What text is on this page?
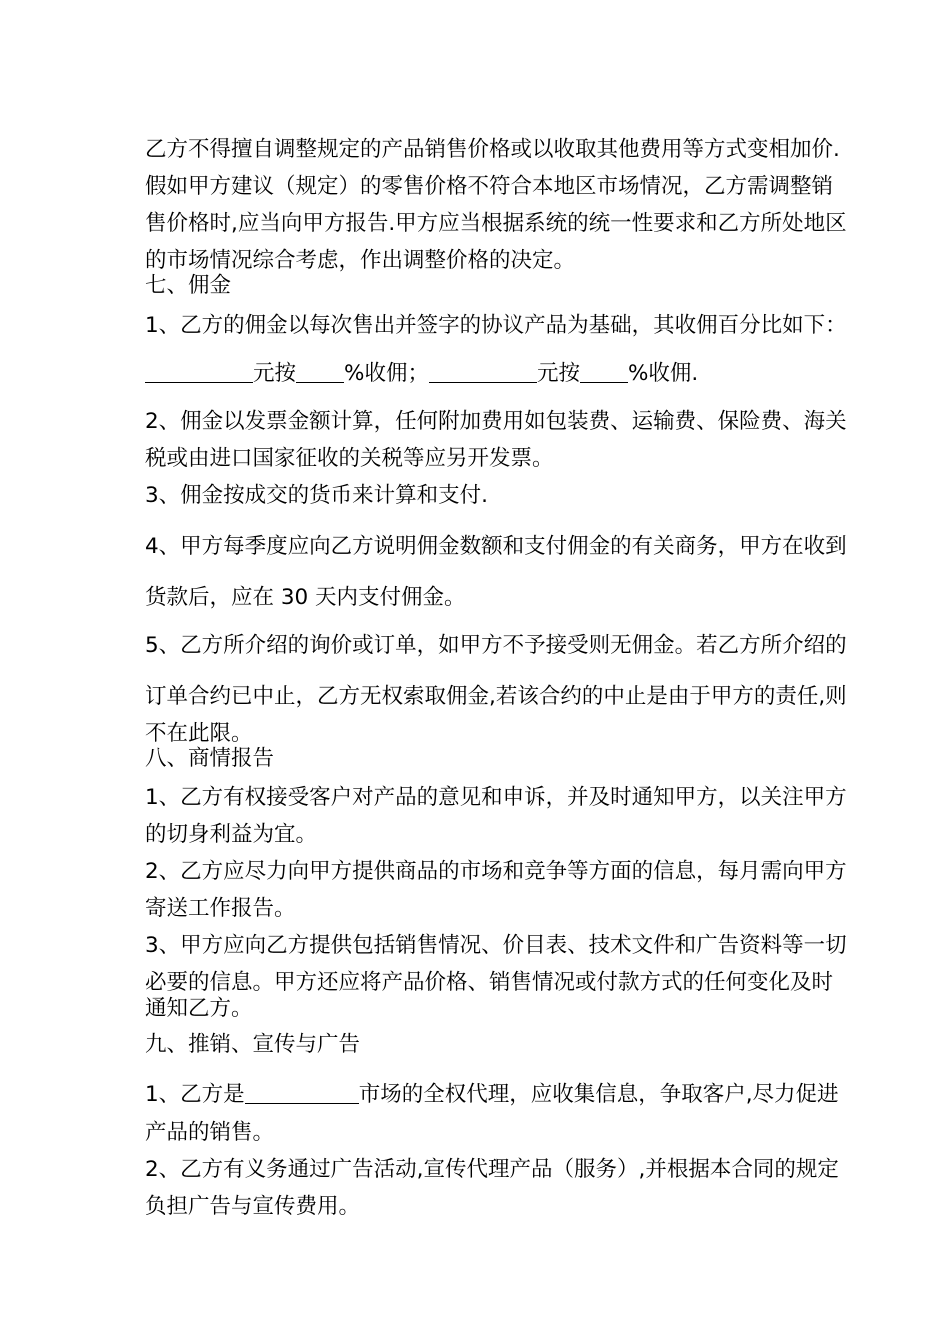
乙方不得擅自调整规定的产品销售价格或以收取其他费用等方式变相加价.
假如甲方建议（规定）的零售价格不符合本地区市场情况，乙方需调整销
售价格时,应当向甲方报告.甲方应当根据系统的统一性要求和乙方所处地区
的市场情况综合考虑，作出调整价格的决定。
七、佣金
1、乙方的佣金以每次售出并签字的协议产品为基础，其收佣百分比如下：
元按 %收佣；	元按 %收佣.
2、佣金以发票金额计算，任何附加费用如包装费、运输费、保险费、海关
税或由进口国家征收的关税等应另开发票。
3、佣金按成交的货币来计算和支付.
4、甲方每季度应向乙方说明佣金数额和支付佣金的有关商务，甲方在收到
货款后，应在 30 天内支付佣金。
5、乙方所介绍的询价或订单，如甲方不予接受则无佣金。若乙方所介绍的
订单合约已中止，乙方无权索取佣金,若该合约的中止是由于甲方的责任,则
不在此限。
八、商情报告
1、乙方有权接受客户对产品的意见和申诉，并及时通知甲方，以关注甲方
的切身利益为宜。
2、乙方应尽力向甲方提供商品的市场和竞争等方面的信息，每月需向甲方
寄送工作报告。
3、甲方应向乙方提供包括销售情况、价目表、技术文件和广告资料等一切
必要的信息。甲方还应将产品价格、销售情况或付款方式的任何变化及时
通知乙方。
九、推销、宣传与广告
1、乙方是	市场的全权代理，应收集信息，争取客户,尽力促进
产品的销售。
2、乙方有义务通过广告活动,宣传代理产品（服务）,并根据本合同的规定
负担广告与宣传费用。
